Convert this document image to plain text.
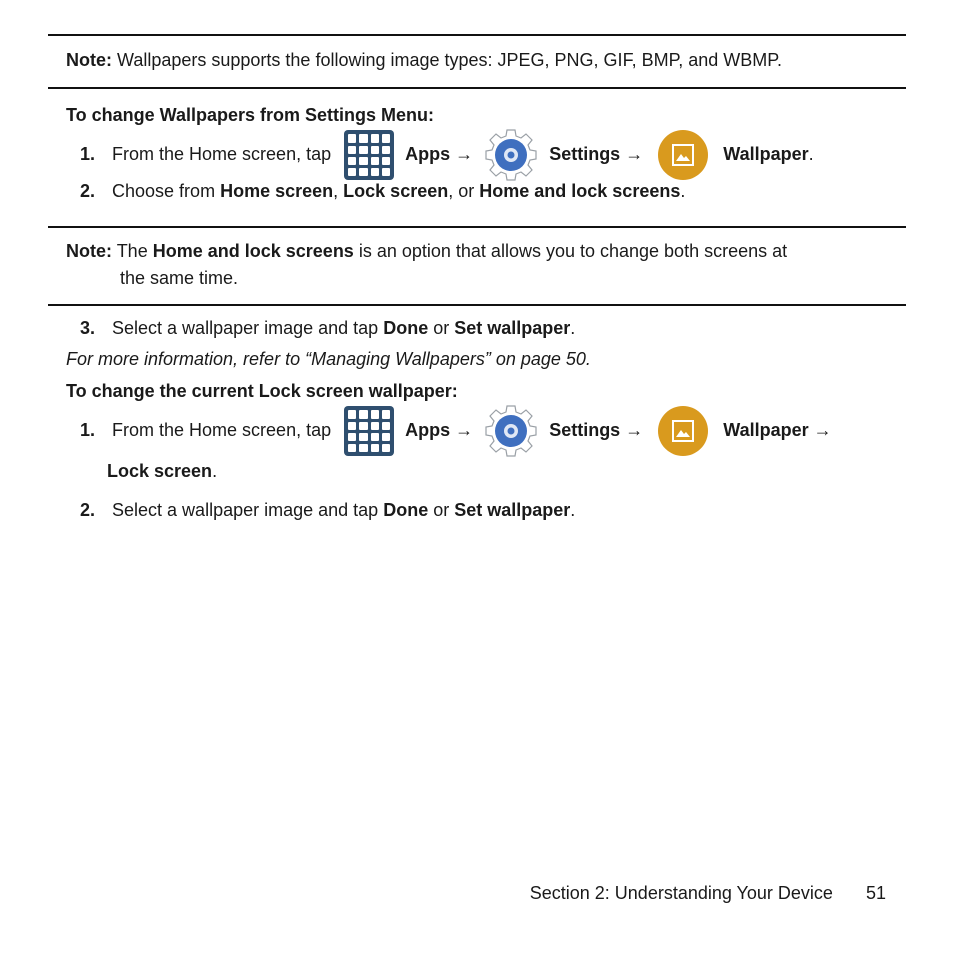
Note: Wallpapers supports the following image types: JPEG, PNG, GIF, BMP, and WBMP.
To change Wallpapers from Settings Menu:
1. From the Home screen, tap	Apps →	Settings →	Wallpaper.
2. Choose from Home screen, Lock screen, or Home and lock screens.
Note: The Home and lock screens is an option that allows you to change both screens at
the same time.
3. Select a wallpaper image and tap Done or Set wallpaper.
For more information, refer to “Managing Wallpapers” on page 50.
To change the current Lock screen wallpaper:
1. From the Home screen, tap	Apps →	Settings →	Wallpaper →
Lock screen.
2. Select a wallpaper image and tap Done or Set wallpaper.
Section 2: Understanding Your Device 51
